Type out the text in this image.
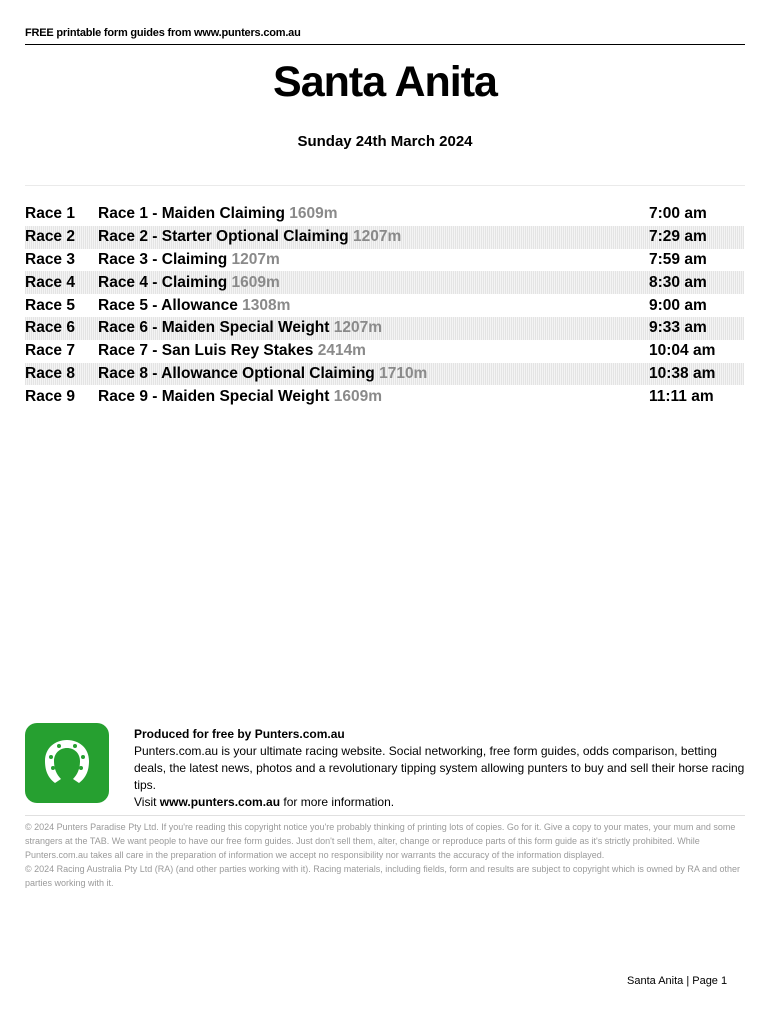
FREE printable form guides from www.punters.com.au
Santa Anita
Sunday 24th March 2024
Race 1	Race 1 - Maiden Claiming 1609m	7:00 am
Race 2	Race 2 - Starter Optional Claiming 1207m	7:29 am
Race 3	Race 3 - Claiming 1207m	7:59 am
Race 4	Race 4 - Claiming 1609m	8:30 am
Race 5	Race 5 - Allowance 1308m	9:00 am
Race 6	Race 6 - Maiden Special Weight 1207m	9:33 am
Race 7	Race 7 - San Luis Rey Stakes 2414m	10:04 am
Race 8	Race 8 - Allowance Optional Claiming 1710m	10:38 am
Race 9	Race 9 - Maiden Special Weight 1609m	11:11 am
Produced for free by Punters.com.au
Punters.com.au is your ultimate racing website. Social networking, free form guides, odds comparison, betting deals, the latest news, photos and a revolutionary tipping system allowing punters to buy and sell their horse racing tips.
Visit www.punters.com.au for more information.
© 2024 Punters Paradise Pty Ltd. If you're reading this copyright notice you're probably thinking of printing lots of copies. Go for it. Give a copy to your mates, your mum and some strangers at the TAB. We want people to have our free form guides. Just don't sell them, alter, change or reproduce parts of this form guide as it's strictly prohibited. While Punters.com.au takes all care in the preparation of information we accept no responsibility nor warrants the accuracy of the information displayed.
© 2024 Racing Australia Pty Ltd (RA) (and other parties working with it). Racing materials, including fields, form and results are subject to copyright which is owned by RA and other parties working with it.
Santa Anita | Page 1
